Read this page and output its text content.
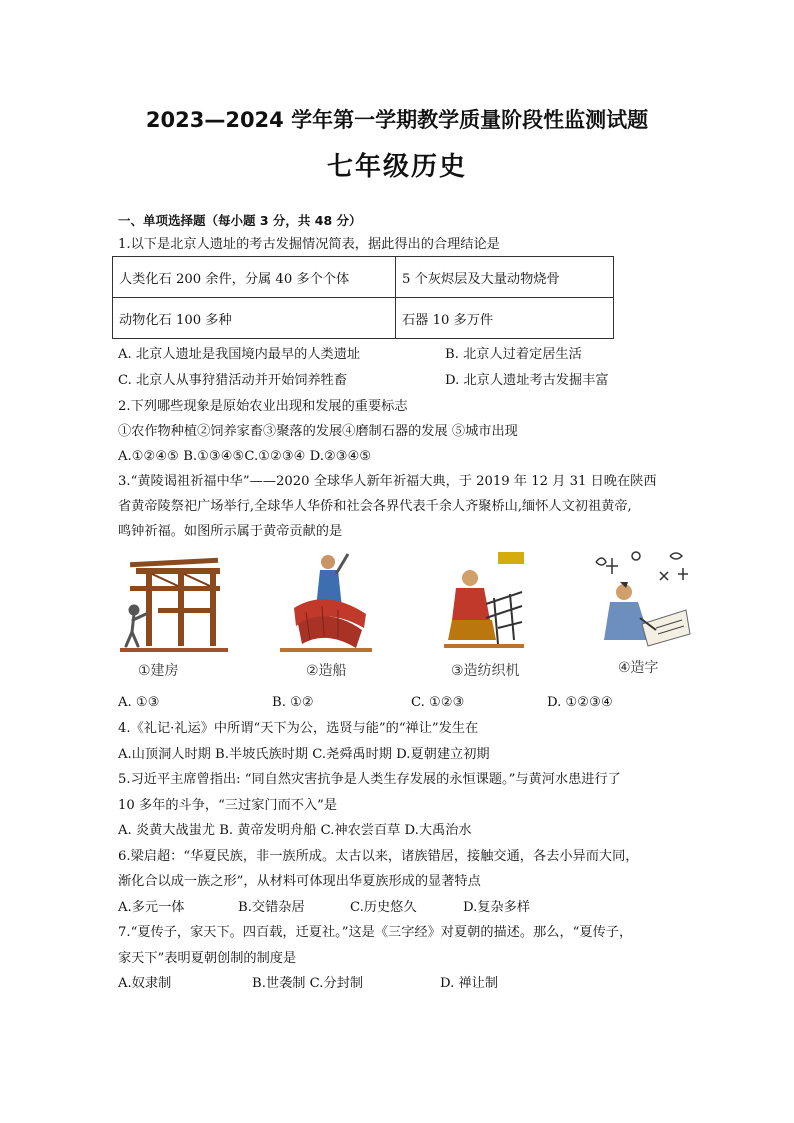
2023—2024 学年第一学期教学质量阶段性监测试题
七年级历史
一、单项选择题（每小题 3 分，共 48 分）
1.以下是北京人遗址的考古发掘情况简表，据此得出的合理结论是
人类化石 200 余件，分属 40 多个个体	5 个灰烬层及大量动物烧骨
动物化石 100 多种	石器 10 多万件
A. 北京人遗址是我国境内最早的人类遗址	B. 北京人过着定居生活
C. 北京人从事狩猎活动并开始饲养牲畜	D. 北京人遗址考古发掘丰富
2.下列哪些现象是原始农业出现和发展的重要标志
①农作物种植②饲养家畜③聚落的发展④磨制石器的发展 ⑤城市出现
A.①②④⑤ B.①③④⑤C.①②③④ D.②③④⑤
3.“黄陵谒祖祈福中华”——2020 全球华人新年祈福大典，于 2019 年 12 月 31 日晚在陕西
省黄帝陵祭祀广场举行,全球华人华侨和社会各界代表千余人齐聚桥山,缅怀人文初祖黄帝,
鸣钟祈福。如图所示属于黄帝贡献的是
①建房	②造船	③造纺织机	④造字
A. ①③	B. ①②	C. ①②③	D. ①②③④
4.《礼记·礼运》中所谓“天下为公，选贤与能”的“禅让”发生在
A.山顶洞人时期 B.半坡氏族时期 C.尧舜禹时期 D.夏朝建立初期
5.习近平主席曾指出: “同自然灾害抗争是人类生存发展的永恒课题。”与黄河水患进行了
10 多年的斗争，“三过家门而不入”是
A. 炎黄大战蚩尤 B. 黄帝发明舟船 C.神农尝百草 D.大禹治水
6.梁启超：“华夏民族，非一族所成。太古以来，诸族错居，接触交通，各去小异而大同，
渐化合以成一族之形”，从材料可体现出华夏族形成的显著特点
A.多元一体	B.交错杂居	C.历史悠久	D.复杂多样
7.“夏传子，家天下。四百载，迁夏社。”这是《三字经》对夏朝的描述。那么，“夏传子，
家天下”表明夏朝创制的制度是
A.奴隶制	B.世袭制 C.分封制	D. 禅让制
